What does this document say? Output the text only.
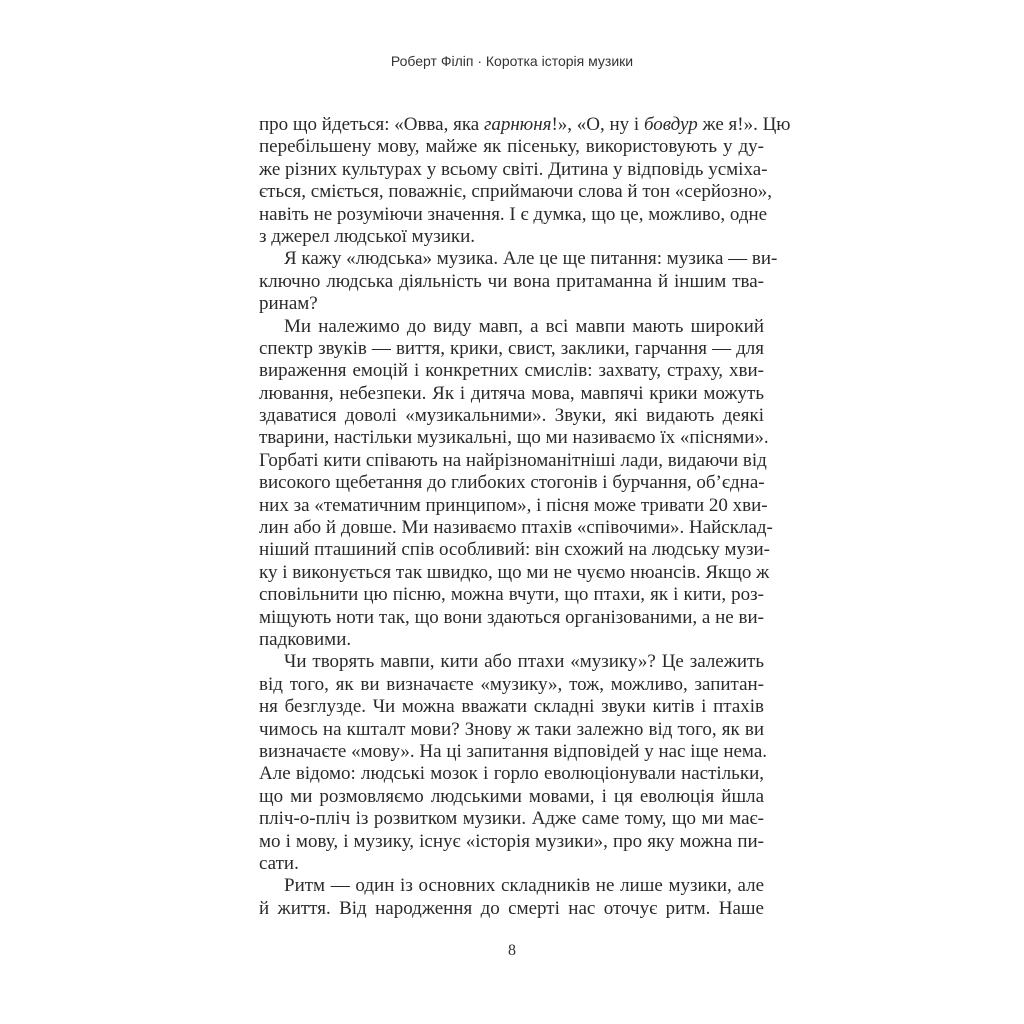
Роберт Філіп · Коротка історія музики
про що йдеться: «Овва, яка гарнюня!», «О, ну і бовдур же я!». Цю
перебільшену мову, майже як пісеньку, використовують у ду-
же різних культурах у всьому світі. Дитина у відповідь усміха-
ється, сміється, поважніє, сприймаючи слова й тон «серйозно»,
навіть не розуміючи значення. І є думка, що це, можливо, одне
з джерел людської музики.
Я кажу «людська» музика. Але це ще питання: музика — ви-
ключно людська діяльність чи вона притаманна й іншим тва-
ринам?
Ми належимо до виду мавп, а всі мавпи мають широкий
спектр звуків — виття, крики, свист, заклики, гарчання — для
вираження емоцій і конкретних смислів: захвату, страху, хви-
лювання, небезпеки. Як і дитяча мова, мавпячі крики можуть
здаватися доволі «музикальними». Звуки, які видають деякі
тварини, настільки музикальні, що ми називаємо їх «піснями».
Горбаті кити співають на найрізноманітніші лади, видаючи від
високого щебетання до глибоких стогонів і бурчання, об’єдна-
них за «тематичним принципом», і пісня може тривати 20 хви-
лин або й довше. Ми називаємо птахів «співочими». Найсклад-
ніший пташиний спів особливий: він схожий на людську музи-
ку і виконується так швидко, що ми не чуємо нюансів. Якщо ж
сповільнити цю пісню, можна вчути, що птахи, як і кити, роз-
міщують ноти так, що вони здаються організованими, а не ви-
падковими.
Чи творять мавпи, кити або птахи «музику»? Це залежить
від того, як ви визначаєте «музику», тож, можливо, запитан-
ня безглузде. Чи можна вважати складні звуки китів і птахів
чимось на кшталт мови? Знову ж таки залежно від того, як ви
визначаєте «мову». На ці запитання відповідей у нас іще нема.
Але відомо: людські мозок і горло еволюціонували настільки,
що ми розмовляємо людськими мовами, і ця еволюція йшла
пліч-о-пліч із розвитком музики. Адже саме тому, що ми має-
мо і мову, і музику, існує «історія музики», про яку можна пи-
сати.
Ритм — один із основних складників не лише музики, але
й життя. Від народження до смерті нас оточує ритм. Наше
8
